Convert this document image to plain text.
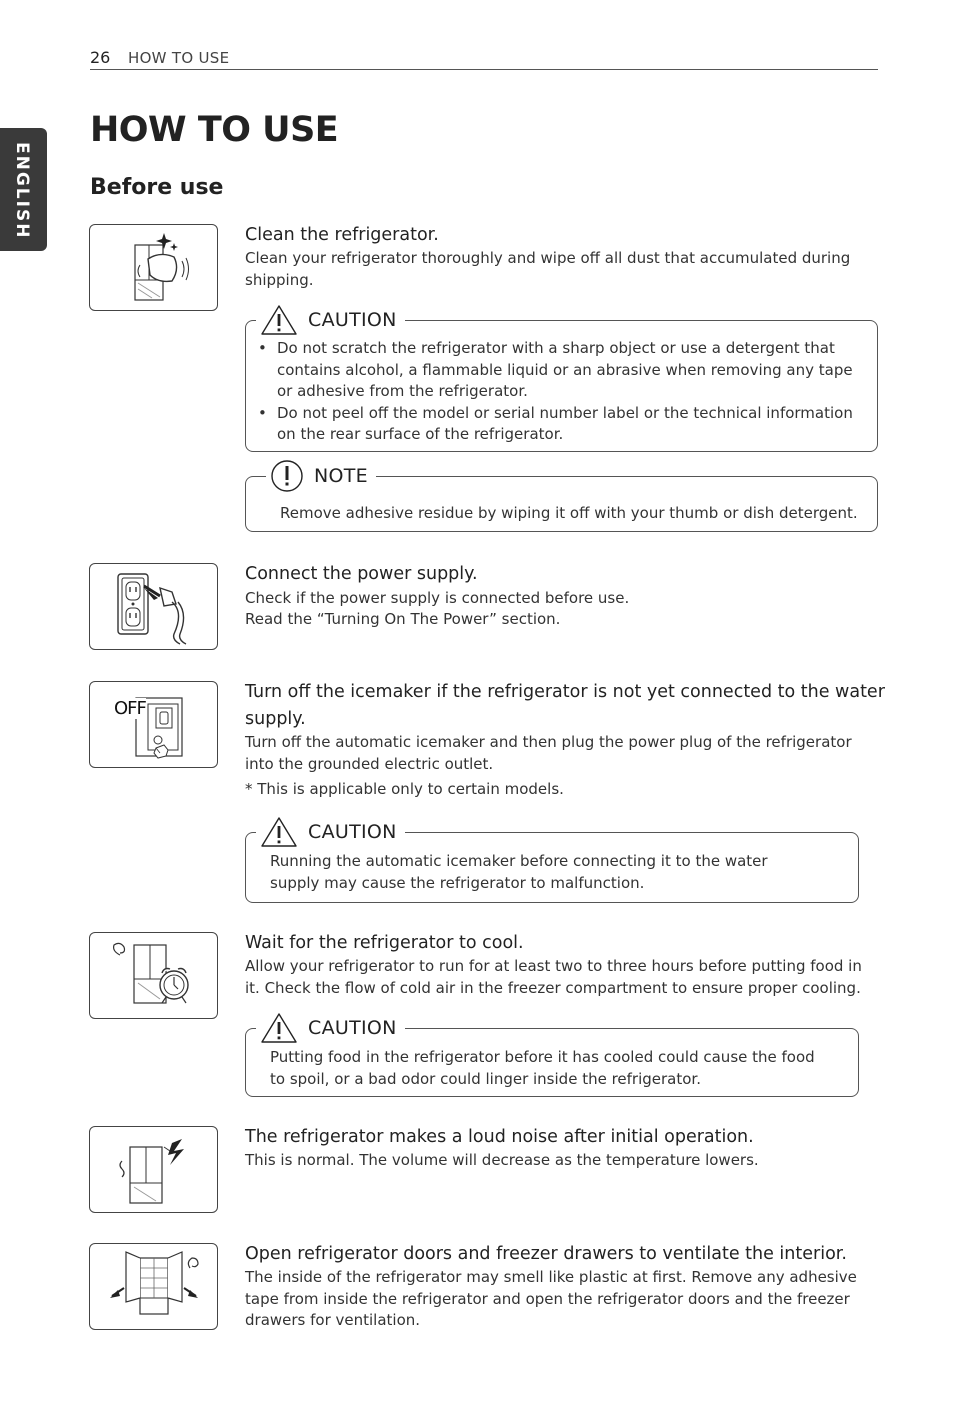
26 HOW TO USE
ENGLISH
HOW TO USE
Before use

Clean the refrigerator.

Clean your refrigerator thoroughly and wipe off all dust that accumulated during shipping.

CAUTION
• Do not scratch the refrigerator with a sharp object or use a detergent that contains alcohol, a flammable liquid or an abrasive when removing any tape or adhesive from the refrigerator.
• Do not peel off the model or serial number label or the technical information on the rear surface of the refrigerator.
NOTE
Remove adhesive residue by wiping it off with your thumb or dish detergent.

Connect the power supply.

Check if the power supply is connected before use.

Read the “Turning On The Power” section.

OFF

Turn off the icemaker if the refrigerator is not yet connected to the water supply.

Turn off the automatic icemaker and then plug the power plug of the refrigerator into the grounded electric outlet.

* This is applicable only to certain models.

CAUTION
Running the automatic icemaker before connecting it to the water supply may cause the refrigerator to malfunction.

Wait for the refrigerator to cool.

Allow your refrigerator to run for at least two to three hours before putting food in it. Check the flow of cold air in the freezer compartment to ensure proper cooling.

CAUTION
Putting food in the refrigerator before it has cooled could cause the food to spoil, or a bad odor could linger inside the refrigerator.

The refrigerator makes a loud noise after initial operation.

This is normal. The volume will decrease as the temperature lowers.

Open refrigerator doors and freezer drawers to ventilate the interior.

The inside of the refrigerator may smell like plastic at first. Remove any adhesive tape from inside the refrigerator and open the refrigerator doors and the freezer drawers for ventilation.
